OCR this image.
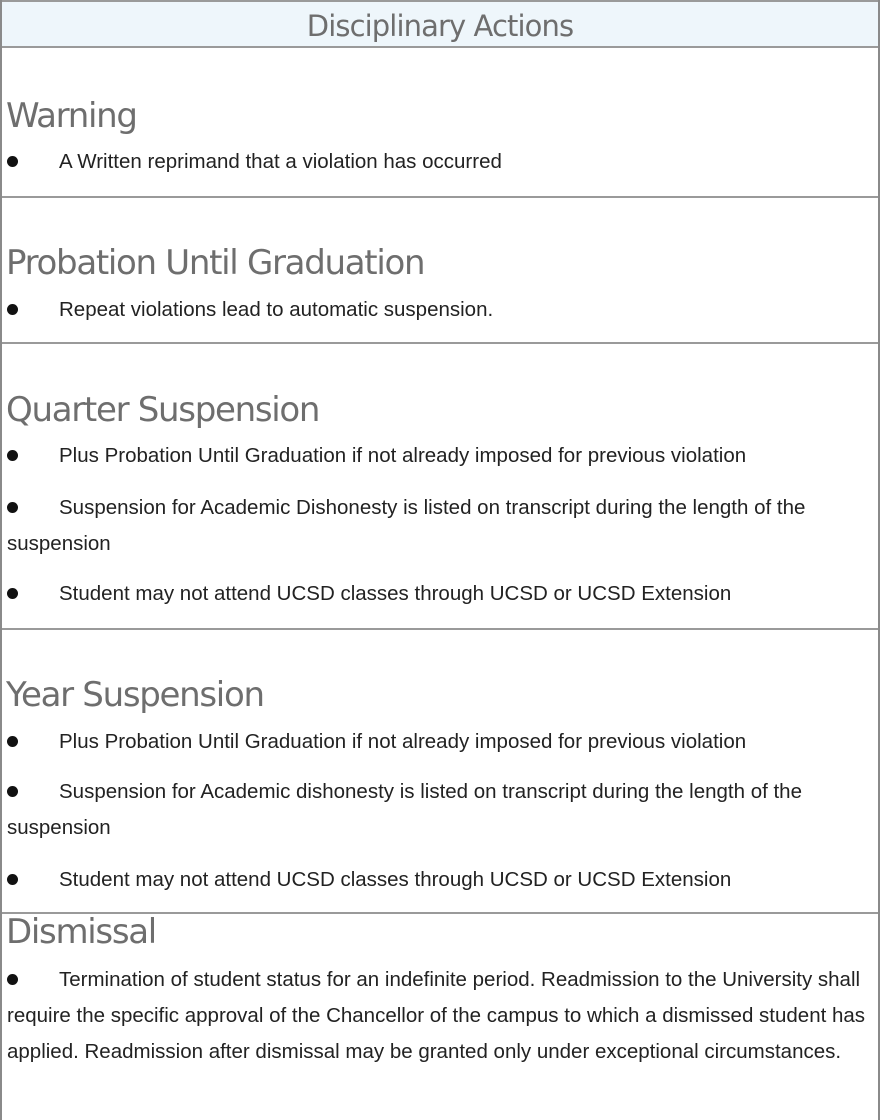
Disciplinary Actions
Warning
A Written reprimand that a violation has occurred
Probation Until Graduation
Repeat violations lead to automatic suspension.
Quarter Suspension
Plus Probation Until Graduation if not already imposed for previous violation
Suspension for Academic Dishonesty is listed on transcript during the length of the suspension
Student may not attend UCSD classes through UCSD or UCSD Extension
Year Suspension
Plus Probation Until Graduation if not already imposed for previous violation
Suspension for Academic dishonesty is listed on transcript during the length of the suspension
Student may not attend UCSD classes through UCSD or UCSD Extension
Dismissal
Termination of student status for an indefinite period. Readmission to the University shall require the specific approval of the Chancellor of the campus to which a dismissed student has applied. Readmission after dismissal may be granted only under exceptional circumstances.
